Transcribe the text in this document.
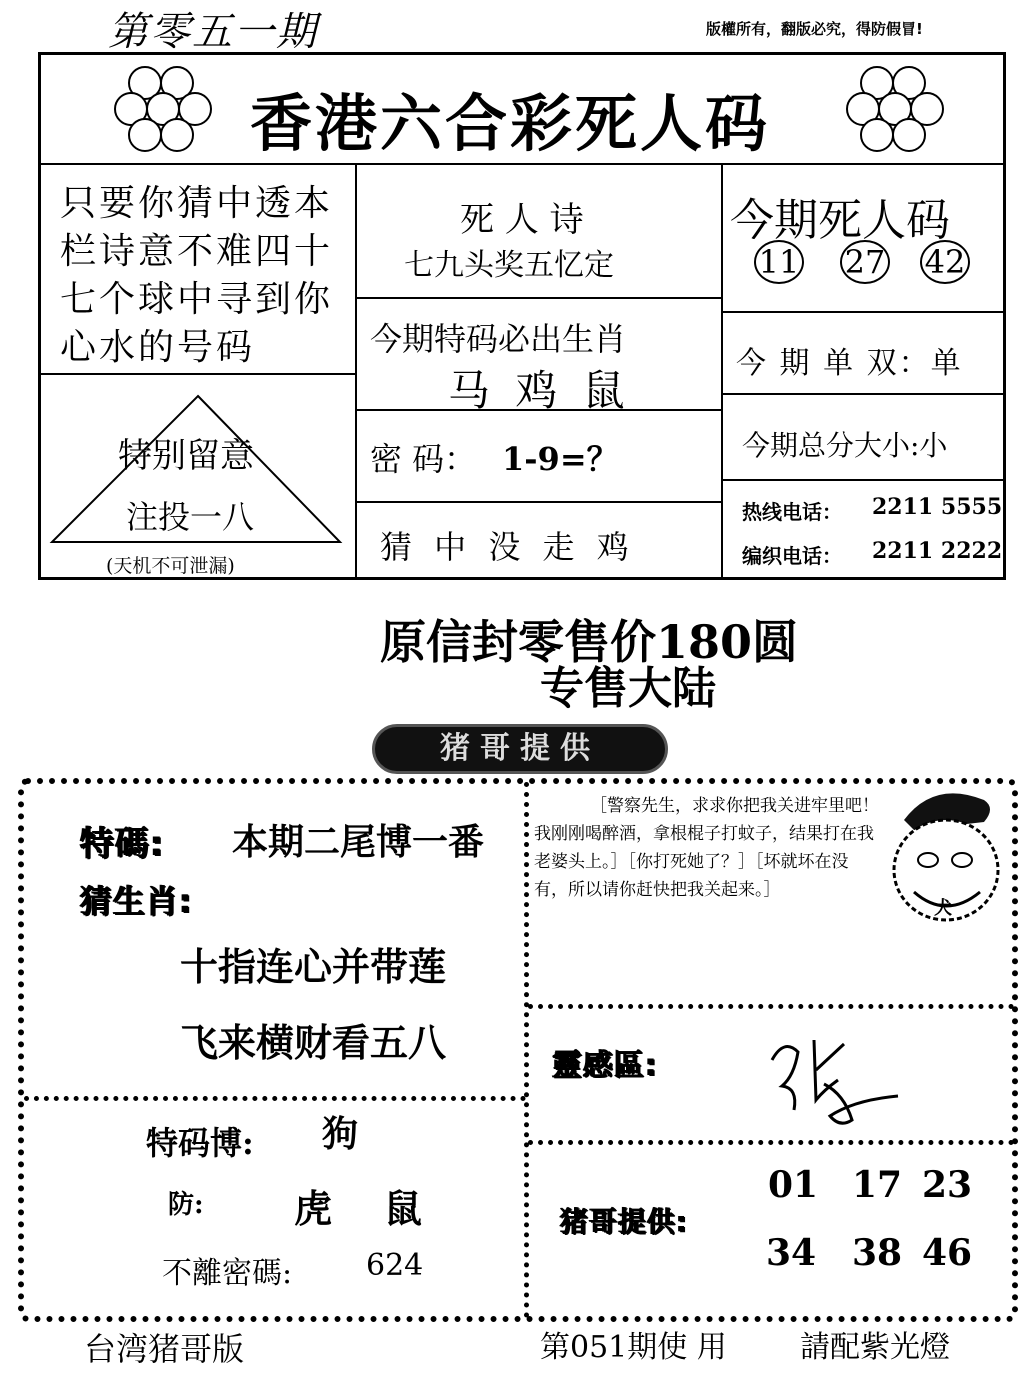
第零五一期	版權所有，翻版必究，得防假冒!
香港六合彩死人码
只要你猜中透本
栏诗意不难四十
七个球中寻到你
心水的号码
特别留意
注投一八
(天机不可泄漏)
死 人 诗
七九头奖五忆定
今期特码必出生肖
马 鸡 鼠
密 码： 1-9=？
猜 中 没 走 鸡
今期死人码
11 27 42
今 期 单 双：单
今期总分大小:小
热线电话： 2211 5555
编织电话： 2211 2222
原信封零售价180圆
专售大陆
猪哥提供
特碼: 本期二尾博一番
猜生肖:
十指连心并带莲
飞来横财看五八
特码博: 狗
防: 虎 鼠
不離密碼: 624
［警察先生，求求你把我关进牢里吧！我刚刚喝醉酒，拿根棍子打蚊子，结果打在我老婆头上。］［你打死她了？］［坏就坏在没有，所以请你赶快把我关起来。］
犬
靈感區:
猪哥提供:
01 17 23
34 38 46
台湾猪哥版	第051期使 用 請配紫光燈
